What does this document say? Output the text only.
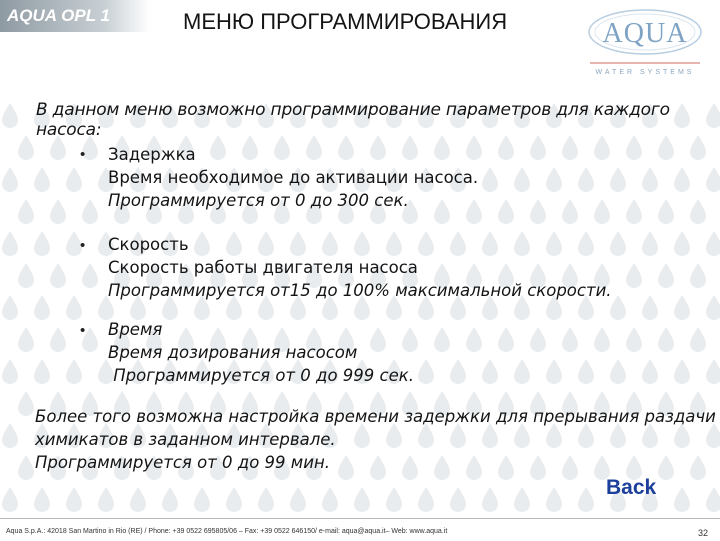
AQUA OPL 1	МЕНЮ ПРОГРАММИРОВАНИЯ	AQUA
WATER SYSTEMS
В данном меню возможно программирование параметров для каждого насоса:
• Задержка
Время необходимое до активации насоса.
Программируется от 0 до 300 сек.
• Скорость
Скорость работы двигателя насоса
Программируется от15 до 100% максимальной скорости.
• Время
Время дозирования насосом
Программируется от 0 до 999 сек.
Более того возможна настройка времени задержки для прерывания раздачи
химикатов в заданном интервале.
Программируется от 0 до 99 мин.
Back
Aqua S.p.A.: 42018 San Martino in Rio (RE) / Phone: +39 0522 695805/06 – Fax: +39 0522 646150/ e-mail: aqua@aqua.it– Web: www.aqua.it	32
